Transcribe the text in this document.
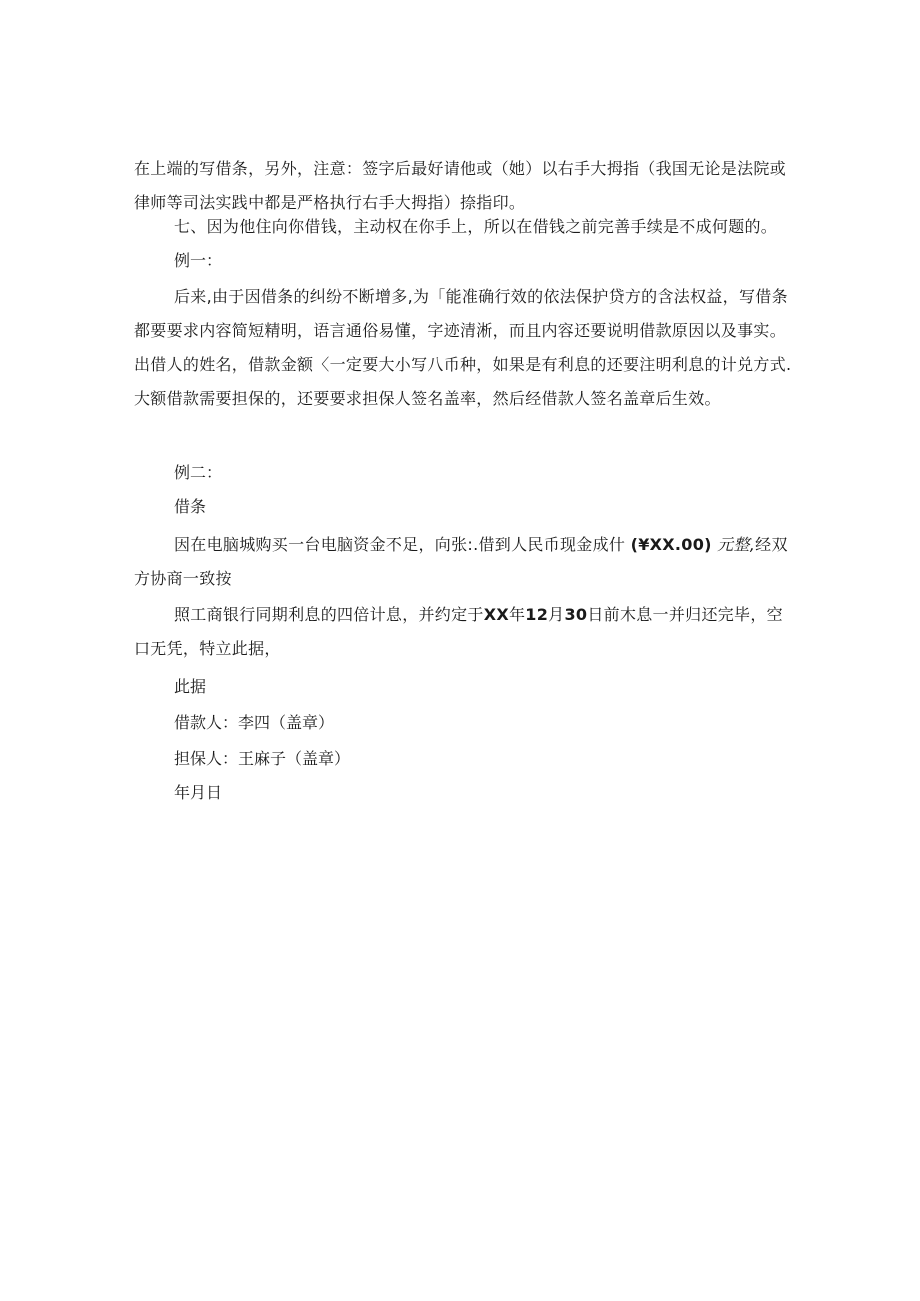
在上端的写借条，另外，注意：签字后最好请他或（她）以右手大拇指（我国无论是法院或律师等司法实践中都是严格执行右手大拇指）捺指印。

七、因为他住向你借钱，主动权在你手上，所以在借钱之前完善手续是不成何题的。

例一：

后来,由于因借条的纠纷不断增多,为「能准确行效的依法保护贷方的含法权益，写借条都要要求内容简短精明，语言通俗易懂，字迹清淅，而且内容还要说明借款原因以及事实。出借人的姓名，借款金额〈一定要大小写八币种，如果是有利息的还要注明利息的计兑方式.大额借款需要担保的，还要要求担保人签名盖率，然后经借款人签名盖章后生效。

例二：
借条

因在电脑城购买一台电脑资金不足，向张:.借到人民币现金成什 (¥XX.00) 元整,经双方协商一致按

照工商银行同期利息的四倍计息，并约定于XX年12月30日前木息一并归还完毕，空口无凭，特立此据，

此据
借款人：李四（盖章）
担保人：王麻子（盖章）
年月日
